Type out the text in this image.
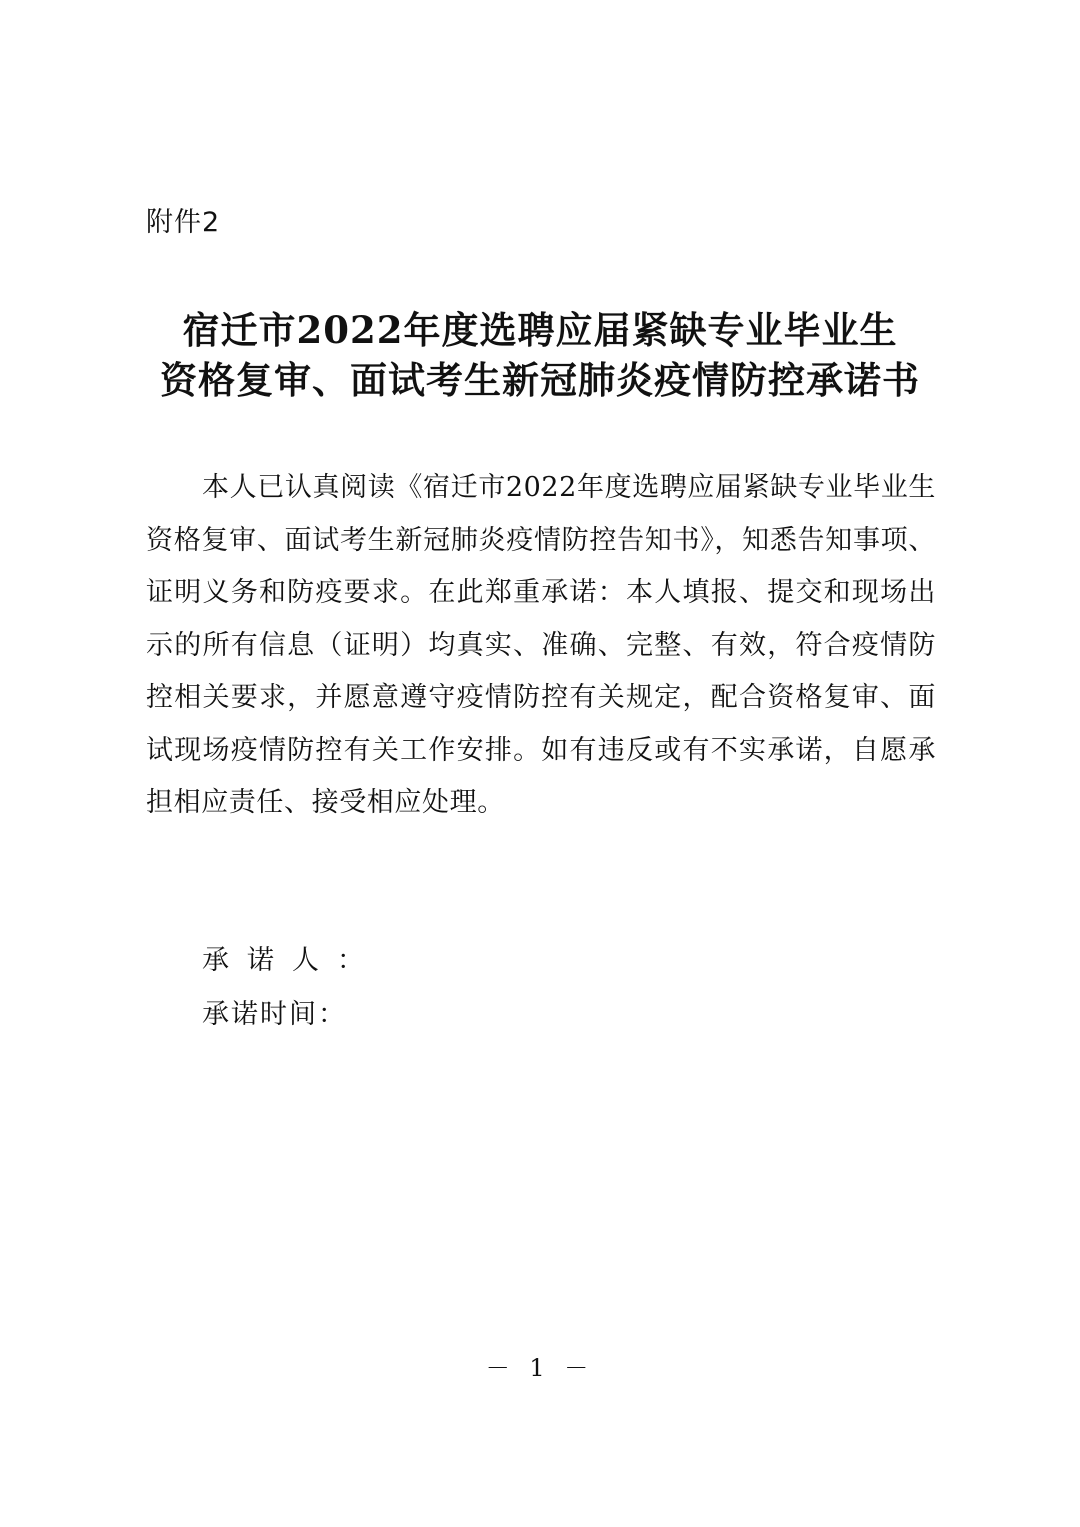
附件2
宿迁市2022年度选聘应届紧缺专业毕业生
资格复审、面试考生新冠肺炎疫情防控承诺书

本人已认真阅读《宿迁市2022年度选聘应届紧缺专业毕业生资格复审、面试考生新冠肺炎疫情防控告知书》，知悉告知事项、证明义务和防疫要求。在此郑重承诺：本人填报、提交和现场出示的所有信息（证明）均真实、准确、完整、有效，符合疫情防控相关要求，并愿意遵守疫情防控有关规定，配合资格复审、面试现场疫情防控有关工作安排。如有违反或有不实承诺，自愿承担相应责任、接受相应处理。

承诺人：
承诺时间：
－ 1 －
